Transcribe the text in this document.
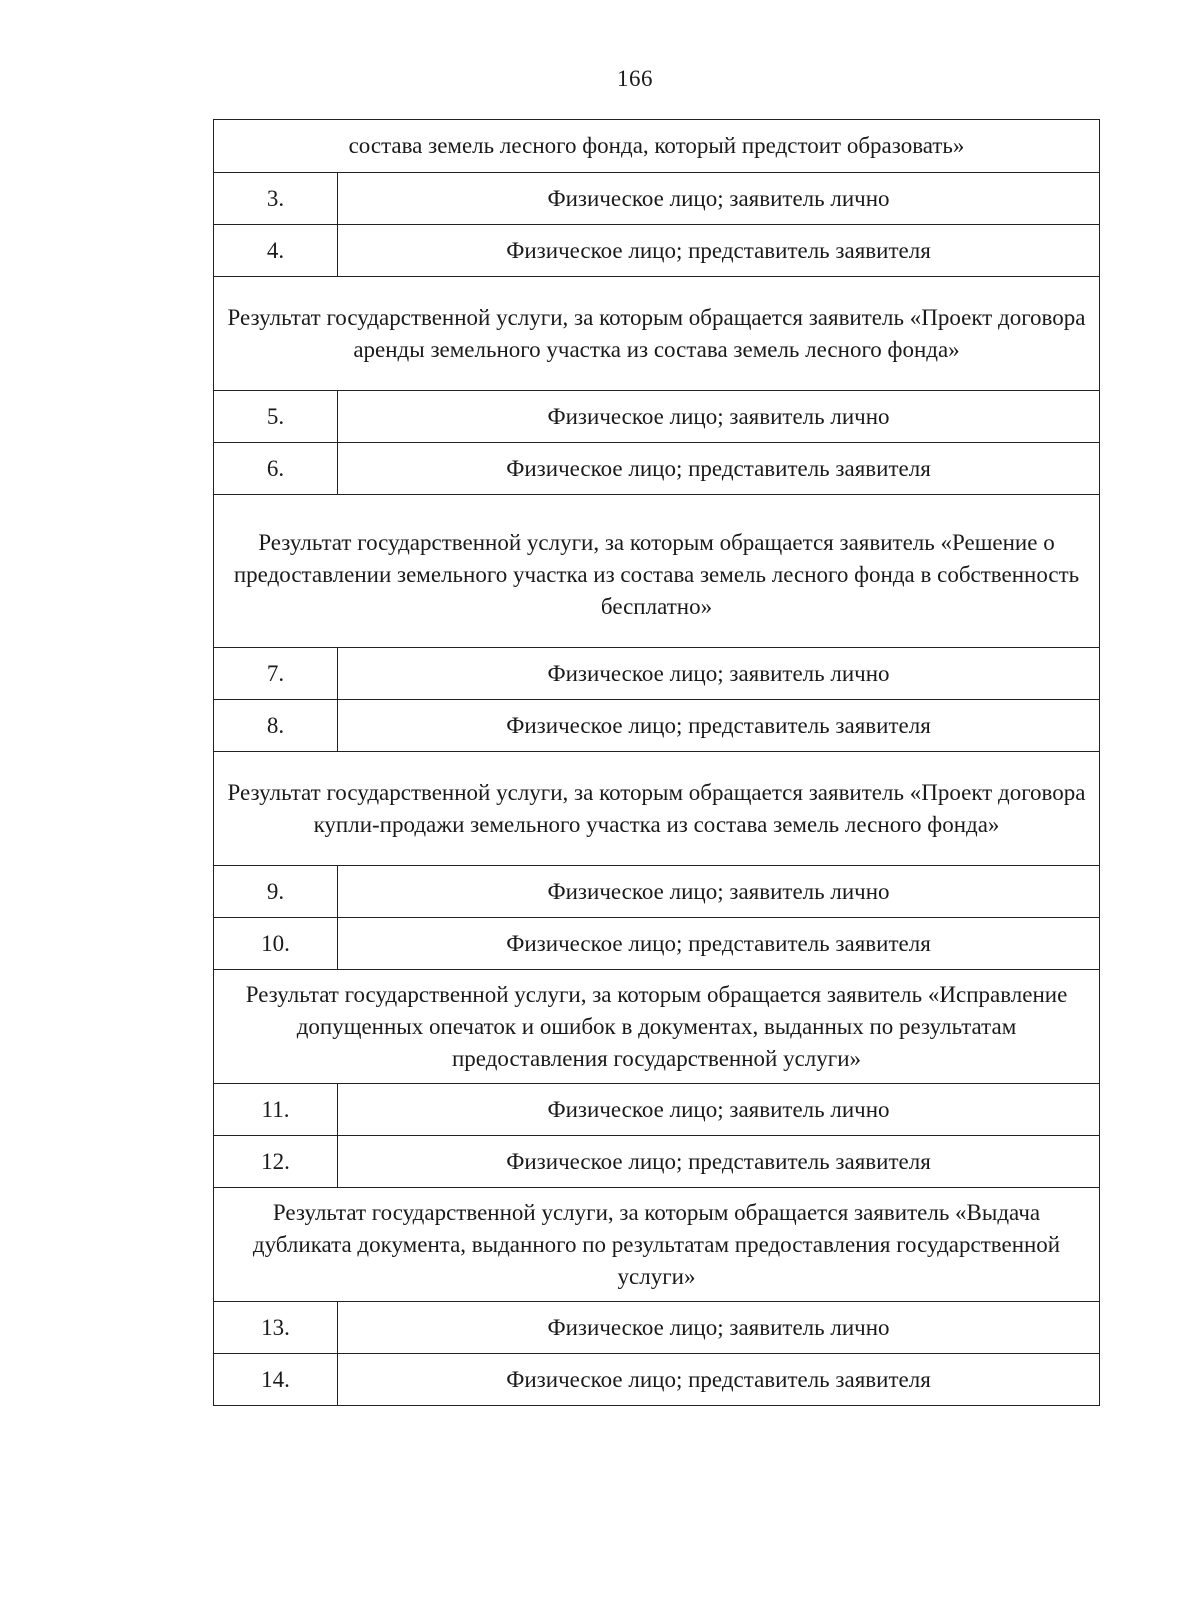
166
состава земель лесного фонда, который предстоит образовать»	

3.	Физическое лицо; заявитель лично
4.	Физическое лицо; представитель заявителя

Результат государственной услуги, за которым обращается заявитель «Проект договора аренды земельного участка из состава земель лесного фонда»	

5.	Физическое лицо; заявитель лично
6.	Физическое лицо; представитель заявителя

Результат государственной услуги, за которым обращается заявитель «Решение о предоставлении земельного участка из состава земель лесного фонда в собственность бесплатно»	

7.	Физическое лицо; заявитель лично
8.	Физическое лицо; представитель заявителя

Результат государственной услуги, за которым обращается заявитель «Проект договора купли-продажи земельного участка из состава земель лесного фонда»	

9.	Физическое лицо; заявитель лично
10.	Физическое лицо; представитель заявителя

Результат государственной услуги, за которым обращается заявитель «Исправление допущенных опечаток и ошибок в документах, выданных по результатам предоставления государственной услуги»	

11.	Физическое лицо; заявитель лично
12.	Физическое лицо; представитель заявителя

Результат государственной услуги, за которым обращается заявитель «Выдача дубликата документа, выданного по результатам предоставления государственной услуги»	

13.	Физическое лицо; заявитель лично
14.	Физическое лицо; представитель заявителя
